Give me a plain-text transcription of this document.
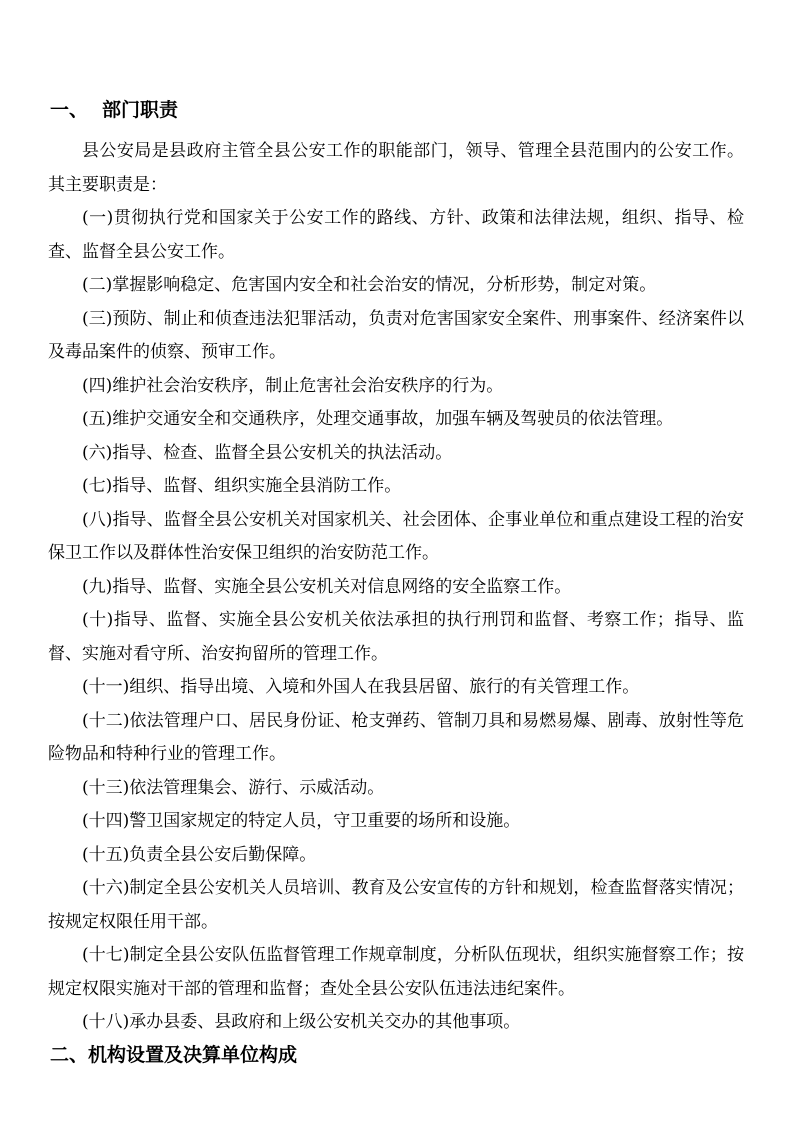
一、 部门职责

县公安局是县政府主管全县公安工作的职能部门，领导、管理全县范围内的公安工作。其主要职责是：

(一)贯彻执行党和国家关于公安工作的路线、方针、政策和法律法规，组织、指导、检查、监督全县公安工作。

(二)掌握影响稳定、危害国内安全和社会治安的情况，分析形势，制定对策。

(三)预防、制止和侦查违法犯罪活动，负责对危害国家安全案件、刑事案件、经济案件以及毒品案件的侦察、预审工作。

(四)维护社会治安秩序，制止危害社会治安秩序的行为。

(五)维护交通安全和交通秩序，处理交通事故，加强车辆及驾驶员的依法管理。

(六)指导、检查、监督全县公安机关的执法活动。

(七)指导、监督、组织实施全县消防工作。

(八)指导、监督全县公安机关对国家机关、社会团体、企事业单位和重点建设工程的治安保卫工作以及群体性治安保卫组织的治安防范工作。

(九)指导、监督、实施全县公安机关对信息网络的安全监察工作。

(十)指导、监督、实施全县公安机关依法承担的执行刑罚和监督、考察工作；指导、监督、实施对看守所、治安拘留所的管理工作。

(十一)组织、指导出境、入境和外国人在我县居留、旅行的有关管理工作。

(十二)依法管理户口、居民身份证、枪支弹药、管制刀具和易燃易爆、剧毒、放射性等危险物品和特种行业的管理工作。

(十三)依法管理集会、游行、示威活动。

(十四)警卫国家规定的特定人员，守卫重要的场所和设施。

(十五)负责全县公安后勤保障。

(十六)制定全县公安机关人员培训、教育及公安宣传的方针和规划，检查监督落实情况；按规定权限任用干部。

(十七)制定全县公安队伍监督管理工作规章制度，分析队伍现状，组织实施督察工作；按规定权限实施对干部的管理和监督；查处全县公安队伍违法违纪案件。

(十八)承办县委、县政府和上级公安机关交办的其他事项。

二、机构设置及决算单位构成
